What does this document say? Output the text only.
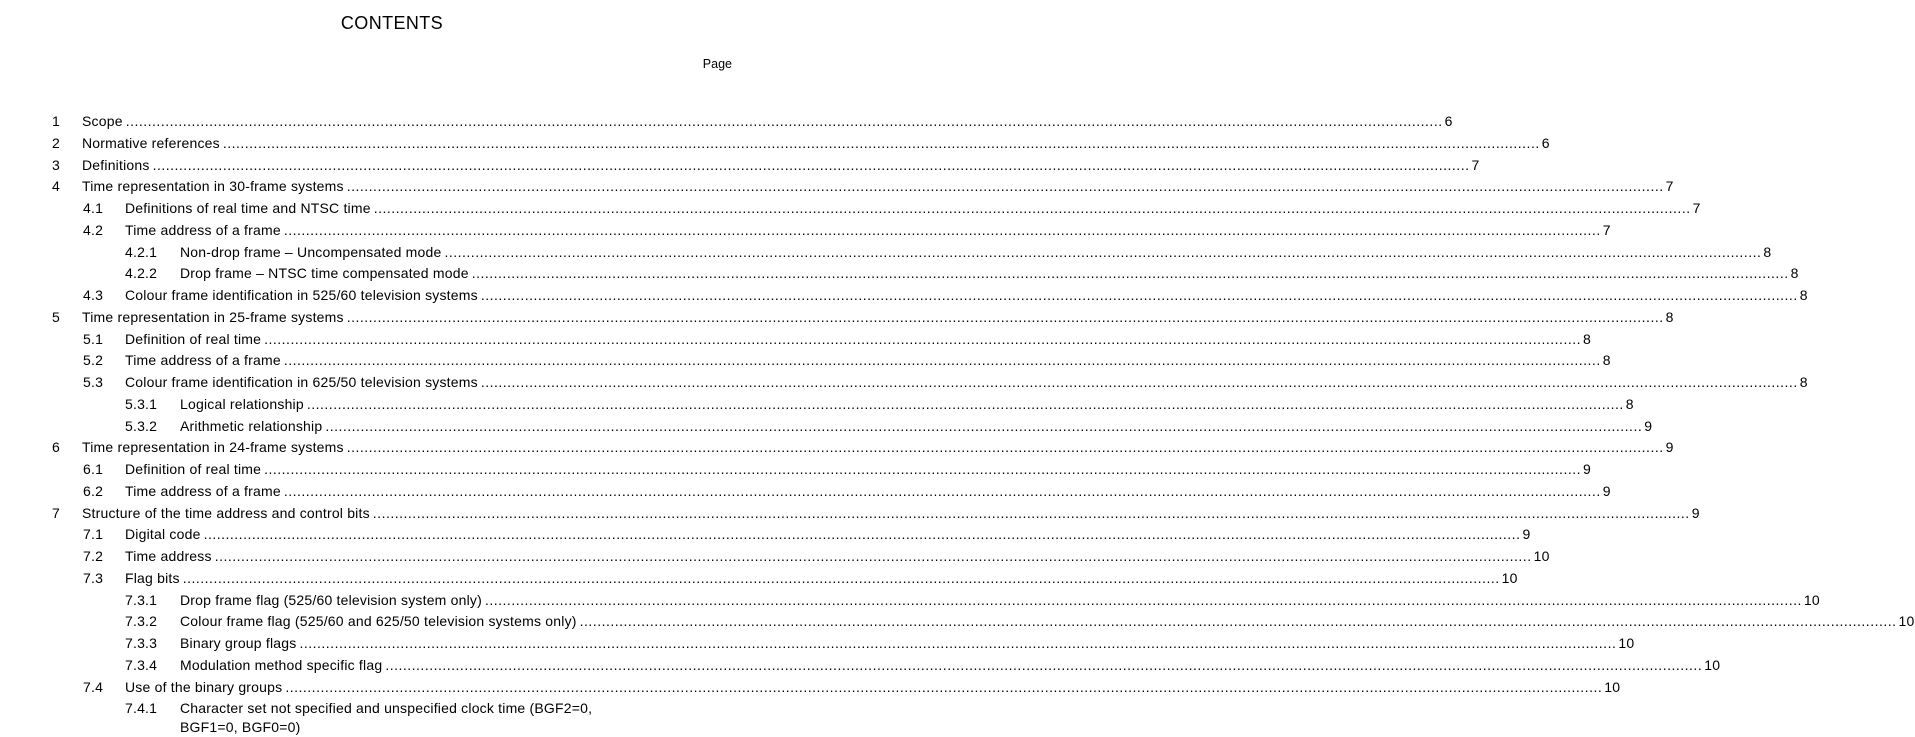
CONTENTS
Page
1 Scope ............................................................................................................................................................................................................................................................................................................ 6
2 Normative references ............................................................................................................................................................................................................................................................................................................ 6
3 Definitions ............................................................................................................................................................................................................................................................................................................ 7
4 Time representation in 30-frame systems ............................................................................................................................................................................................................................................................................................................ 7
4.1 Definitions of real time and NTSC time ............................................................................................................................................................................................................................................................................................................ 7
4.2 Time address of a frame ............................................................................................................................................................................................................................................................................................................ 7
4.2.1 Non-drop frame – Uncompensated mode ............................................................................................................................................................................................................................................................................................................ 8
4.2.2 Drop frame – NTSC time compensated mode ............................................................................................................................................................................................................................................................................................................ 8
4.3 Colour frame identification in 525/60 television systems ............................................................................................................................................................................................................................................................................................................ 8
5 Time representation in 25-frame systems ............................................................................................................................................................................................................................................................................................................ 8
5.1 Definition of real time ............................................................................................................................................................................................................................................................................................................ 8
5.2 Time address of a frame ............................................................................................................................................................................................................................................................................................................ 8
5.3 Colour frame identification in 625/50 television systems ............................................................................................................................................................................................................................................................................................................ 8
5.3.1 Logical relationship ............................................................................................................................................................................................................................................................................................................ 8
5.3.2 Arithmetic relationship ............................................................................................................................................................................................................................................................................................................ 9
6 Time representation in 24-frame systems ............................................................................................................................................................................................................................................................................................................ 9
6.1 Definition of real time ............................................................................................................................................................................................................................................................................................................ 9
6.2 Time address of a frame ............................................................................................................................................................................................................................................................................................................ 9
7 Structure of the time address and control bits ............................................................................................................................................................................................................................................................................................................ 9
7.1 Digital code ............................................................................................................................................................................................................................................................................................................ 9
7.2 Time address ............................................................................................................................................................................................................................................................................................................ 10
7.3 Flag bits ............................................................................................................................................................................................................................................................................................................ 10
7.3.1 Drop frame flag (525/60 television system only) ............................................................................................................................................................................................................................................................................................................ 10
7.3.2 Colour frame flag (525/60 and 625/50 television systems only) ............................................................................................................................................................................................................................................................................................................ 10
7.3.3 Binary group flags ............................................................................................................................................................................................................................................................................................................ 10
7.3.4 Modulation method specific flag ............................................................................................................................................................................................................................................................................................................ 10
7.4 Use of the binary groups ............................................................................................................................................................................................................................................................................................................ 10
7.4.1 Character set not specified and unspecified clock time (BGF2=0,
BGF1=0, BGF0=0)
